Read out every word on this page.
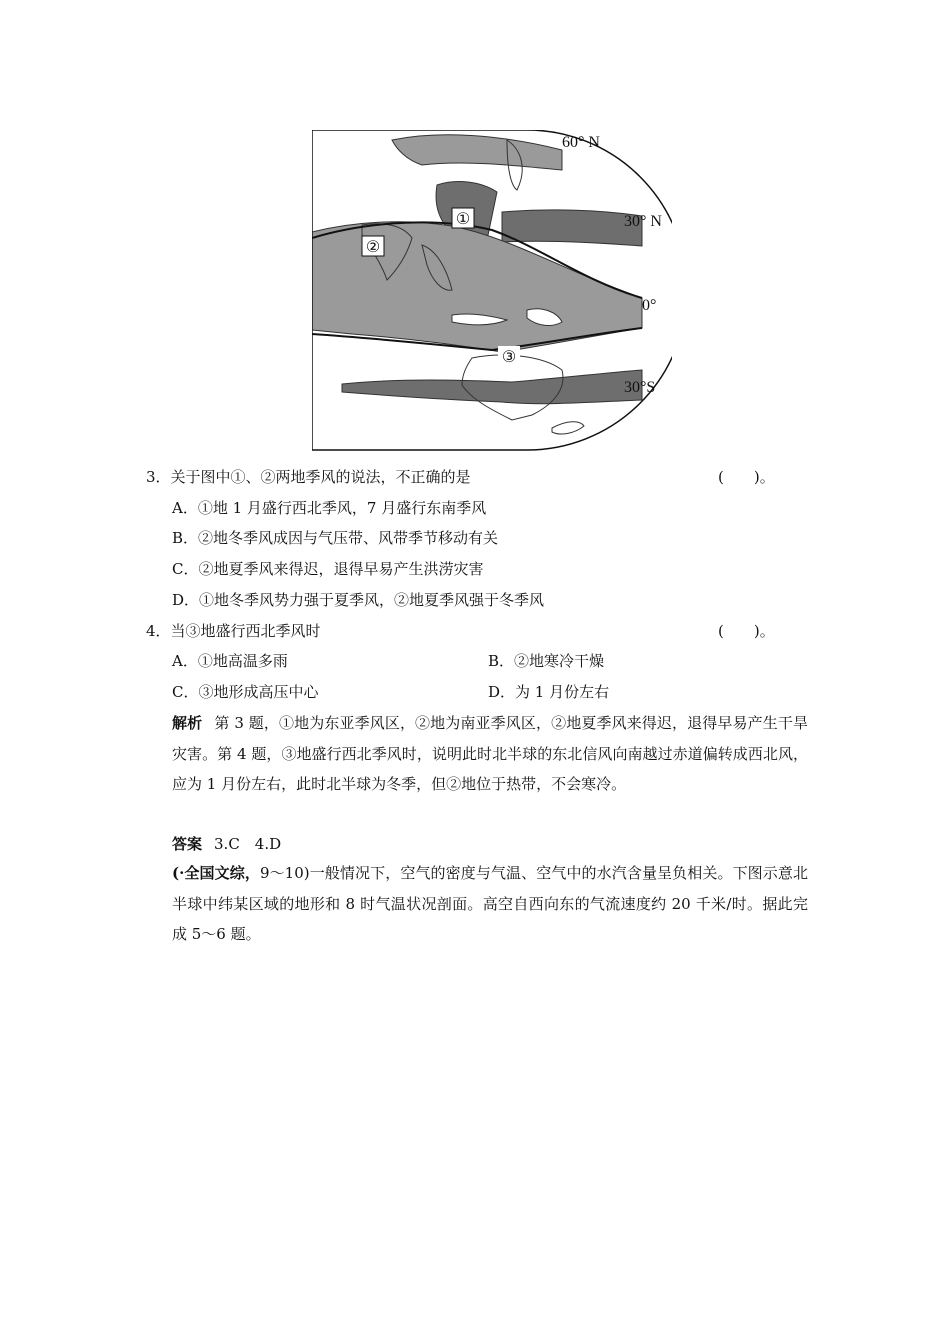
①
②
③
60° N
30° N
0°
30°S
3．关于图中①、②两地季风的说法，不正确的是	(　　)。
A．①地 1 月盛行西北季风，7 月盛行东南季风
B．②地冬季风成因与气压带、风带季节移动有关
C．②地夏季风来得迟，退得早易产生洪涝灾害
D．①地冬季风势力强于夏季风，②地夏季风强于冬季风
4．当③地盛行西北季风时	(　　)。
A．①地高温多雨	B．②地寒冷干燥
C．③地形成高压中心	D．为 1 月份左右
解析 第 3 题，①地为东亚季风区，②地为南亚季风区，②地夏季风来得迟，退得早易产生干旱灾害。第 4 题，③地盛行西北季风时，说明此时北半球的东北信风向南越过赤道偏转成西北风，应为 1 月份左右，此时北半球为冬季，但②地位于热带，不会寒冷。
答案 3.C　4.D
(·全国文综，9～10)一般情况下，空气的密度与气温、空气中的水汽含量呈负相关。下图示意北半球中纬某区域的地形和 8 时气温状况剖面。高空自西向东的气流速度约 20 千米/时。据此完成 5～6 题。
